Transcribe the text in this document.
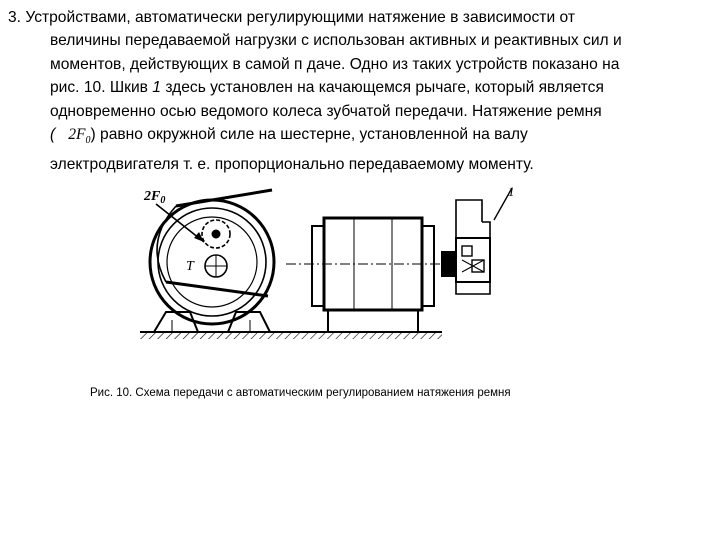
3. Устройствами, автоматически регулирующими натяжение в зависимости от
величины передаваемой нагрузки с использован активных и реактивных сил и
моментов, действующих в самой п даче. Одно из таких устройств показано на
рис. 10. Шкив 1 здесь установлен на качающемся рычаге, который является
одновременно осью ведомого колеса зубчатой передачи. Натяжение ремня
( $2F_0$) равно окружной силе на шестерне, установленной на валу
электродвигателя т. е. пропорционально передаваемому моменту.
$2F_0$
T
1
Рис. 10. Схема передачи с автоматическим регулированием натяжения ремня
